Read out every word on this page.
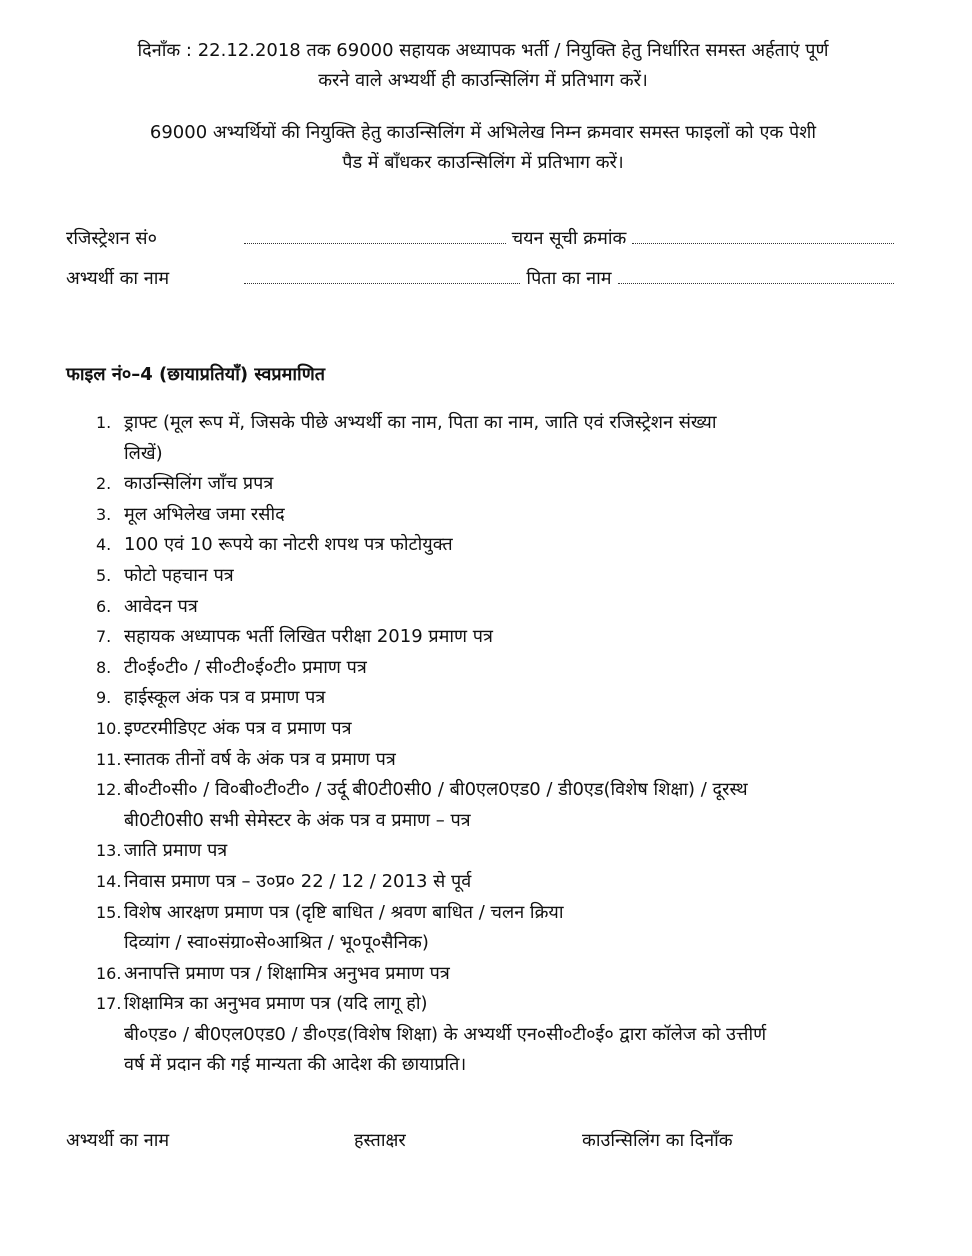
दिनाँक : 22.12.2018 तक 69000 सहायक अध्यापक भर्ती / नियुक्ति हेतु निर्धारित समस्त अर्हताएं पूर्ण

करने वाले अभ्यर्थी ही काउन्सिलिंग में प्रतिभाग करें।

69000 अभ्यर्थियों की नियुक्ति हेतु काउन्सिलिंग में अभिलेख निम्न क्रमवार समस्त फाइलों को एक पेशी

पैड में बाँधकर काउन्सिलिंग में प्रतिभाग करें।

रजिस्ट्रेशन सं०	चयन सूची क्रमांक
अभ्यर्थी का नाम	पिता का नाम
फाइल नं०–4 (छायाप्रतियाँ) स्वप्रमाणित
1. ड्राफ्ट (मूल रूप में, जिसके पीछे अभ्यर्थी का नाम, पिता का नाम, जाति एवं रजिस्ट्रेशन संख्या
लिखें)
2. काउन्सिलिंग जाँच प्रपत्र
3. मूल अभिलेख जमा रसीद
4. 100 एवं 10 रूपये का नोटरी शपथ पत्र फोटोयुक्त
5. फोटो पहचान पत्र
6. आवेदन पत्र
7. सहायक अध्यापक भर्ती लिखित परीक्षा 2019 प्रमाण पत्र
8. टी०ई०टी० / सी०टी०ई०टी० प्रमाण पत्र
9. हाईस्कूल अंक पत्र व प्रमाण पत्र
10. इण्टरमीडिएट अंक पत्र व प्रमाण पत्र
11. स्नातक तीनों वर्ष के अंक पत्र व प्रमाण पत्र
12. बी०टी०सी० / वि०बी०टी०टी० / उर्दू बी0टी0सी0 / बी0एल0एड0 / डी0एड(विशेष शिक्षा) / दूरस्थ
बी0टी0सी0 सभी सेमेस्टर के अंक पत्र व प्रमाण – पत्र
13. जाति प्रमाण पत्र
14. निवास प्रमाण पत्र – उ०प्र० 22 / 12 / 2013 से पूर्व
15. विशेष आरक्षण प्रमाण पत्र (दृष्टि बाधित / श्रवण बाधित / चलन क्रिया
दिव्यांग / स्वा०संग्रा०से०आश्रित / भू०पू०सैनिक)
16. अनापत्ति प्रमाण पत्र / शिक्षामित्र अनुभव प्रमाण पत्र
17. शिक्षामित्र का अनुभव प्रमाण पत्र (यदि लागू हो)
बी०एड० / बी0एल0एड0 / डी०एड(विशेष शिक्षा) के अभ्यर्थी एन०सी०टी०ई० द्वारा कॉलेज को उत्तीर्ण
वर्ष में प्रदान की गई मान्यता की आदेश की छायाप्रति।
अभ्यर्थी का नाम	हस्ताक्षर	काउन्सिलिंग का दिनाँक
